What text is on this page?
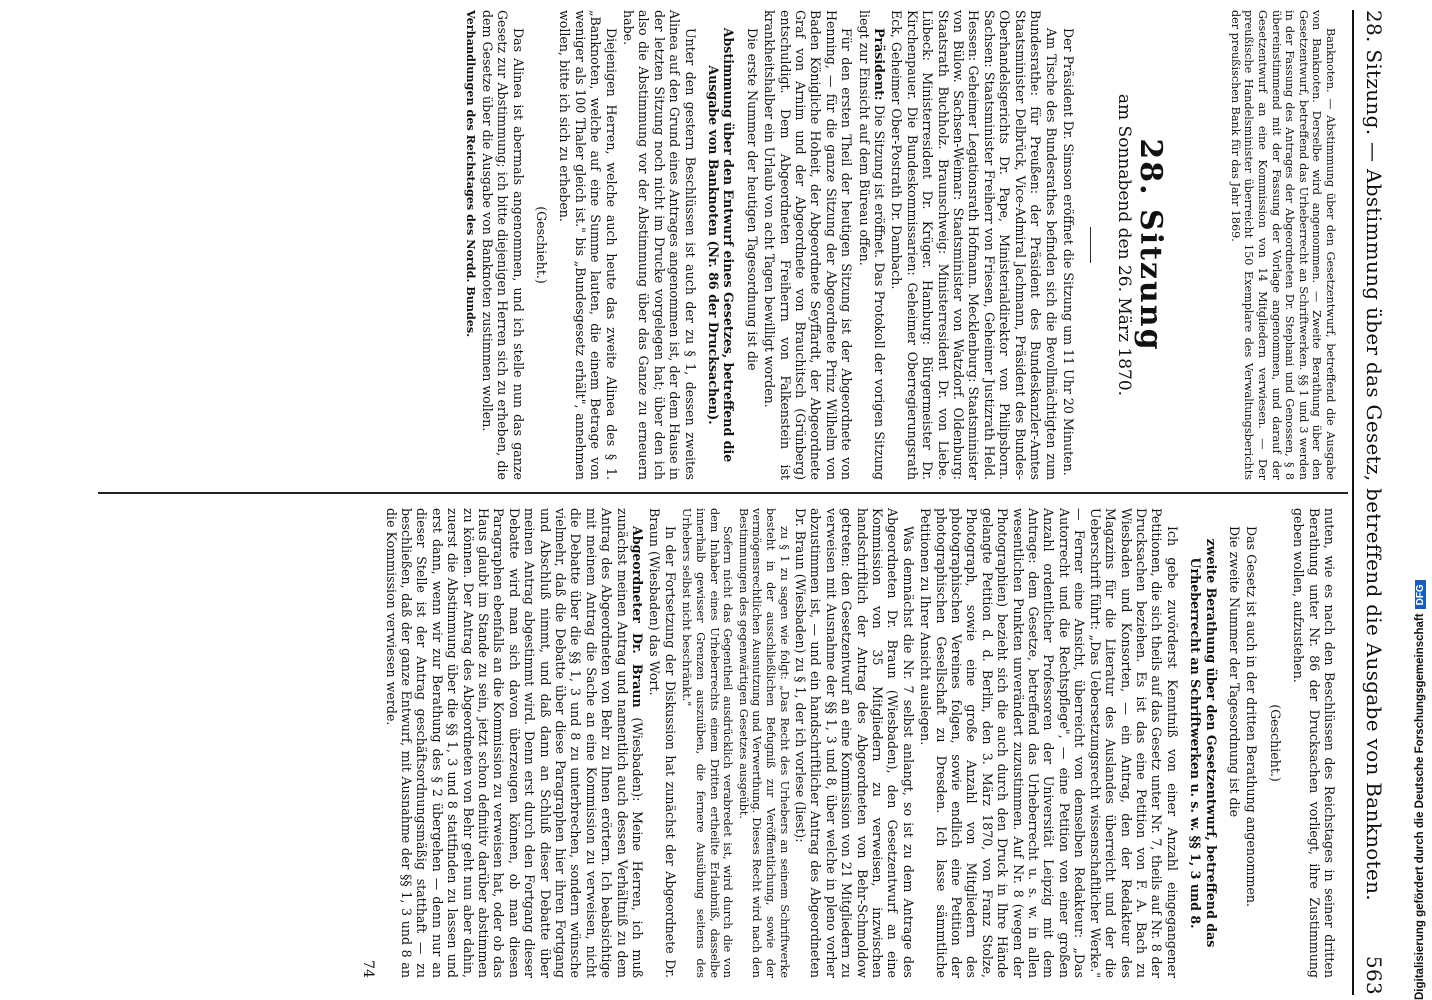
28. Sitzung. — Abstimmung über das Gesetz, betreffend die Ausgabe von Banknoten.
563

Banknoten. — Abstimmung über den Gesetzentwurf, betreffend die Ausgabe von Banknoten. Derselbe wird angenommen. — Zweite Berathung über den Gesetzentwurf, betreffend das Urheberrecht an Schriftwerken. §§ 1 und 3 werden in der Fassung des Antrages der Abgeordneten Dr. Stephani und Genossen, § 8 übereinstimmend mit der Fassung der Vorlage angenommen, und darauf der Gesetzentwurf an eine Kommission von 14 Mitgliedern verwiesen. — Der preußische Handelsminister überreicht 150 Exemplare des Verwaltungsberichts der preußischen Bank für das Jahr 1869.

28. Sitzung
am Sonnabend den 26. März 1870.

Der Präsident Dr. Simson eröffnet die Sitzung um 11 Uhr 20 Minuten.

Am Tische des Bundesrathes befinden sich die Bevollmächtigten zum Bundesrathe: für Preußen: der Präsident des Bundeskanzler-Amtes Staatsminister Delbrück, Vice-Admiral Jachmann, Präsident des Bundes-Oberhandelsgerichts Dr. Pape, Ministerialdirektor von Philipsborn. Sachsen: Staatsminister Freiherr von Friesen, Geheimer Justizrath Held. Hessen: Geheimer Legationsrath Hofmann. Mecklenburg: Staatsminister von Bülow. Sachsen-Weimar: Staatsminister von Watzdorf. Oldenburg: Staatsrath Buchholz. Braunschweig: Ministerresident Dr. von Liebe. Lübeck: Ministerresident Dr. Krüger. Hamburg: Bürgermeister Dr. Kirchenpauer. Die Bundeskommissarien: Geheimer Oberregierungsrath Eck, Geheimer Ober-Postrath Dr. Dambach.

Präsident: Die Sitzung ist eröffnet. Das Protokoll der vorigen Sitzung liegt zur Einsicht auf dem Büreau offen.

Für den ersten Theil der heutigen Sitzung ist der Abgeordnete von Henning, — für die ganze Sitzung der Abgeordnete Prinz Wilhelm von Baden Königliche Hoheit, der Abgeordnete Seyffardt, der Abgeordnete Graf von Arnim und der Abgeordnete von Brauchitsch (Grünberg) entschuldigt. Dem Abgeordneten Freiherrn von Falkenstein ist krankheitshalber ein Urlaub von acht Tagen bewilligt worden.

Die erste Nummer der heutigen Tagesordnung ist die

Abstimmung über den Entwurf eines Gesetzes, betreffend die Ausgabe von Banknoten (Nr. 86 der Drucksachen).

Unter den gestern Beschlüssen ist auch der zu § 1, dessen zweites Alinea auf den Grund eines Antrages angenommen ist, der dem Hause in der letzten Sitzung noch nicht im Drucke vorgelegen hat; über den ich also die Abstimmung vor der Abstimmung über das Ganze zu erneuern habe.

Diejenigen Herren, welche auch heute das zweite Alinea des § 1. „Banknoten, welche auf eine Summe lauten, die einem Betrage von weniger als 100 Thaler gleich ist." bis „Bundesgesetz erhält", annehmen wollen, bitte ich sich zu erheben.

(Geschieht.)

Das Alinea ist abermals angenommen, und ich stelle nun das ganze Gesetz zur Abstimmung; ich bitte diejenigen Herren sich zu erheben, die dem Gesetze über die Ausgabe von Banknoten zustimmen wollen.

Verhandlungen des Reichstages des Nordd. Bundes.

nuten, wie es nach den Beschlüssen des Reichstages in seiner dritten Berathung unter Nr. 86 der Drucksachen vorliegt, ihre Zustimmung geben wollen, aufzustehen.

(Geschieht.)

Das Gesetz ist auch in der dritten Berathung angenommen.

Die zweite Nummer der Tagesordnung ist die

zweite Berathung über den Gesetzentwurf, betreffend das Urheberrecht an Schriftwerken u. s. w. §§ 1, 3 und 8.

Ich gebe zuvörderst Kenntniß von einer Anzahl eingegangener Petitionen, die sich theils auf das Gesetz unter Nr. 7, theils auf Nr. 8 der Drucksachen beziehen. Es ist das eine Petition von F. A. Bach zu Wiesbaden und Konsorten, — ein Antrag, den der Redakteur des Magazins für die Literatur des Auslandes überreicht und der die Ueberschrift führt: „Das Uebersetzungsrecht wissenschaftlicher Werke." — Ferner eine Ansicht, überreicht von demselben Redakteur: „Das Autorrecht und die Rechtspflege", — eine Petition von einer großen Anzahl ordentlicher Professoren der Universität Leipzig mit dem Antrage: dem Gesetze, betreffend das Urheberrecht u. s. w. in allen wesentlichen Punkten unverändert zuzustimmen. Auf Nr. 8 (wegen der Photographien) bezieht sich die auch durch den Druck in Ihre Hände gelangte Petition d. d. Berlin, den 3. März 1870, von Franz Stolze, Photograph, sowie eine große Anzahl von Mitgliedern des photographischen Vereines folgen, sowie endlich eine Petition der photographischen Gesellschaft zu Dresden. Ich lasse sämmtliche Petitionen zu Ihrer Ansicht auslegen.

Was demnächst die Nr. 7 selbst anlangt, so ist zu dem Antrage des Abgeordneten Dr. Braun (Wiesbaden), den Gesetzentwurf an eine Kommission von 35 Mitgliedern zu verweisen, inzwischen handschriftlich der Antrag des Abgeordneten von Behr-Schmoldow getreten: den Gesetzentwurf an eine Kommission von 21 Mitgliedern zu verweisen mit Ausnahme der §§ 1, 3 und 8, über welche in pleno vorher abzustimmen ist, — und ein handschriftlicher Antrag des Abgeordneten Dr. Braun (Wiesbaden) zu § 1, der ich vorlese (liest):

zu § 1 zu sagen wie folgt: „Das Recht des Urhebers an seinem Schriftwerke besteht in der ausschließlichen Befugniß zur Veröffentlichung, sowie der vermögensrechtlichen Ausnutzung und Verwerthung. Dieses Recht wird nach den Bestimmungen des gegenwärtigen Gesetzes ausgeübt.

Sofern nicht das Gegentheil ausdrücklich verabredet ist, wird durch die von dem Inhaber eines Urheberrechts einem Dritten ertheilte Erlaubniß, dasselbe innerhalb gewisser Grenzen auszuüben, die fernere Ausübung seitens des Urhebers selbst nicht beschränkt."

In der Fortsetzung der Diskussion hat zunächst der Abgeordnete Dr. Braun (Wiesbaden) das Wort.

Abgeordneter Dr. Braun (Wiesbaden): Meine Herren, ich muß zunächst meinen Antrag und namentlich auch dessen Verhältniß zu dem Antrag des Abgeordneten von Behr zu Ihnen erörtern. Ich beabsichtige mit meinem Antrag die Sache an eine Kommission zu verweisen, nicht die Debatte über die §§ 1, 3 und 8 zu unterbrechen, sondern wünsche vielmehr, daß die Debatte über diese Paragraphen hier ihren Fortgang und Abschluß nimmt, und daß dann an Schluß dieser Debatte über meinen Antrag abgestimmt wird. Denn erst durch den Fortgang dieser Debatte wird man sich davon überzeugen können, ob man diesen Paragraphen ebenfalls an die Kommission zu verweisen hat, oder ob das Haus glaubt im Stande zu sein, jetzt schon definitiv darüber abstimmen zu können. Der Antrag des Abgeordneten von Behr geht nun aber dahin, zuerst die Abstimmung über die §§ 1, 3 und 8 stattfinden zu lassen und erst dann, wenn wir zur Berathung des § 2 übergehen — denn nur an dieser Stelle ist der Antrag geschäftsordnungsmäßig statthaft — zu beschließen, daß der ganze Entwurf, mit Ausnahme der §§ 1, 3 und 8 an die Kommission verwiesen werde.

74	Digitalisierung gefördert durch die Deutsche ForschungsgemeinschaftDFG
